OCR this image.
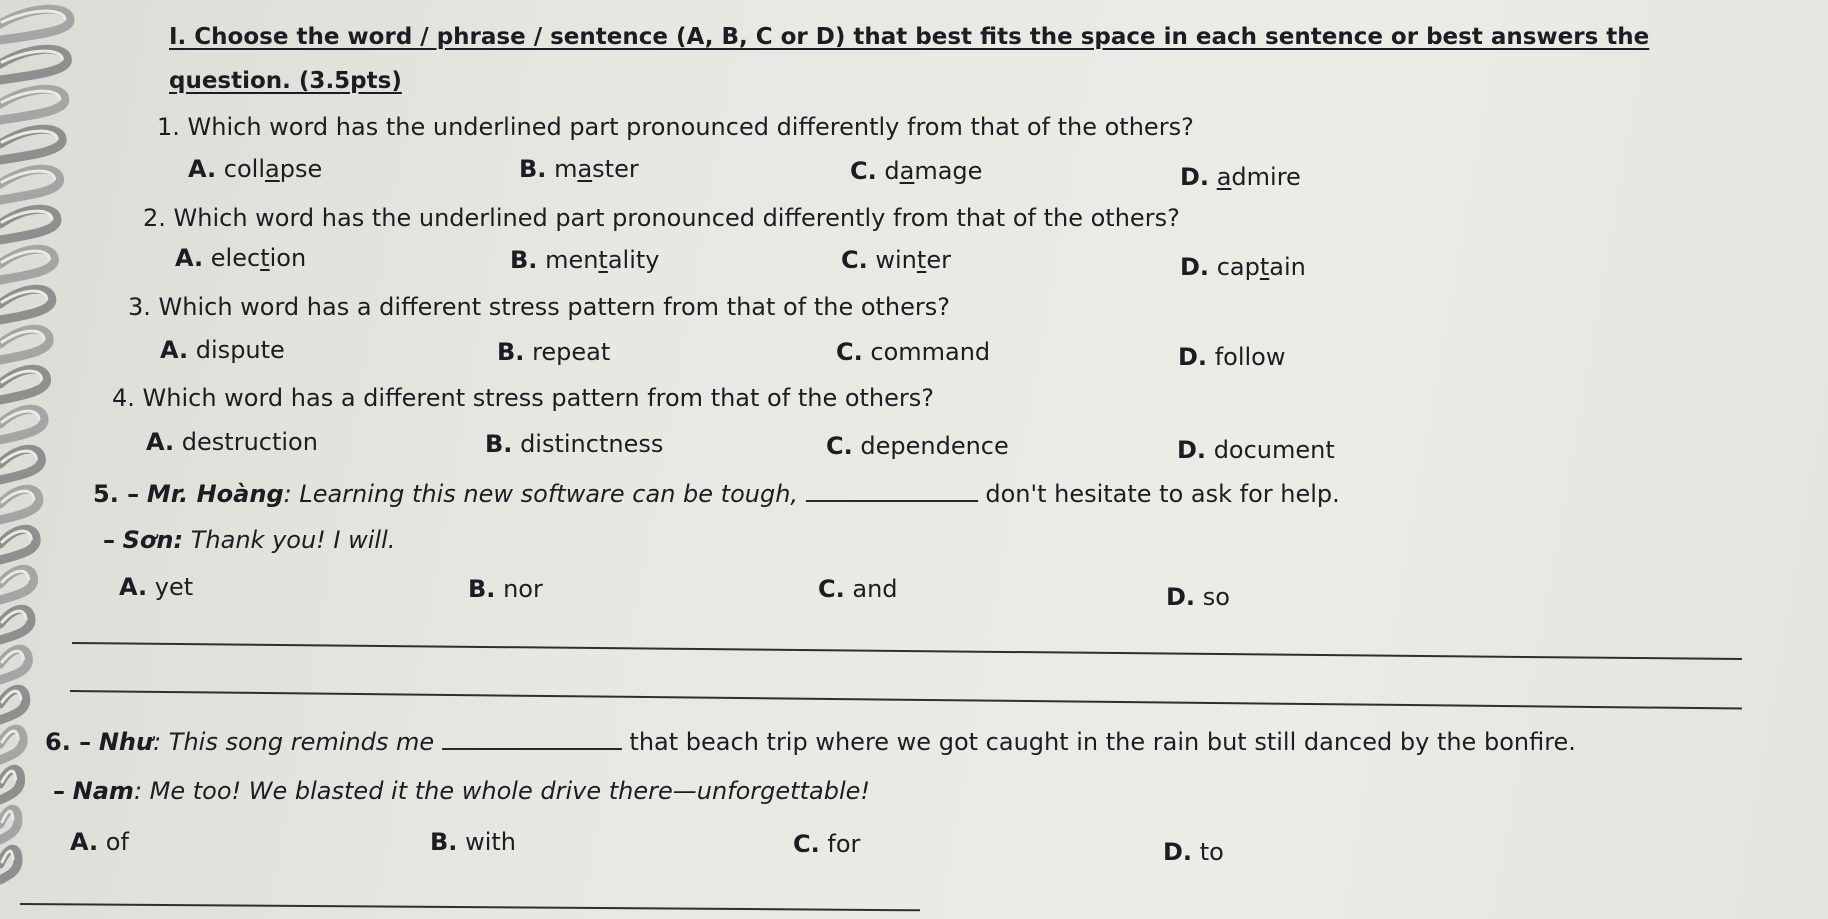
I. Choose the word / phrase / sentence (A, B, C or D) that best fits the space in each sentence or best answers the
question. (3.5pts)
1. Which word has the underlined part pronounced differently from that of the others?
A. collapse	B. master	C. damage	D. admire
2. Which word has the underlined part pronounced differently from that of the others?
A. election	B. mentality	C. winter	D. captain
3. Which word has a different stress pattern from that of the others?
A. dispute	B. repeat	C. command	D. follow
4. Which word has a different stress pattern from that of the others?
A. destruction	B. distinctness	C. dependence	D. document
5. – Mr. Hoàng: Learning this new software can be tough,	don't hesitate to ask for help.
– Sơn: Thank you! I will.
A. yet	B. nor	C. and	D. so
6. – Như: This song reminds me	that beach trip where we got caught in the rain but still danced by the bonfire.
– Nam: Me too! We blasted it the whole drive there—unforgettable!
A. of	B. with	C. for	D. to
